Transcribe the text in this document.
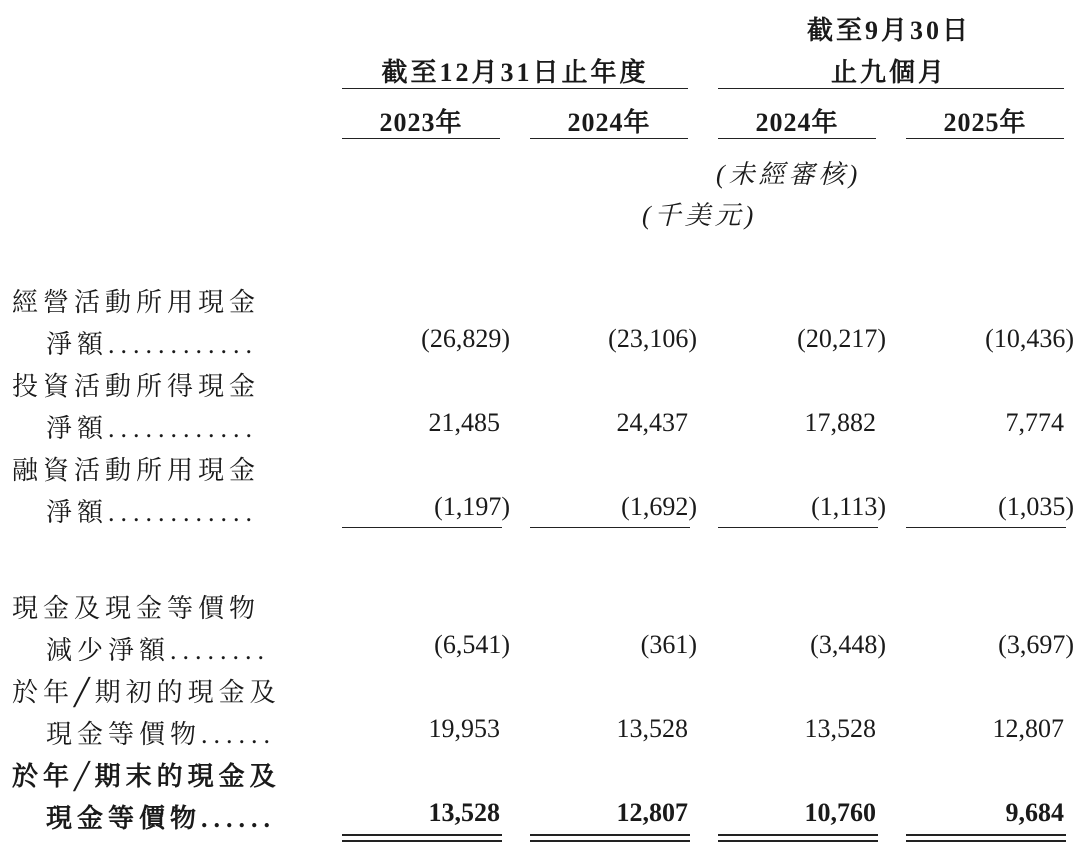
截至9月30日
截至12月31日止年度	止九個月
2023年	2024年	2024年	2025年
(未經審核)
(千美元)
經營活動所用現金
淨額............	(26,829)	(23,106)	(20,217)	(10,436)
投資活動所得現金
淨額............	21,485	24,437	17,882	7,774
融資活動所用現金
淨額............	(1,197)	(1,692)	(1,113)	(1,035)
現金及現金等價物
減少淨額........	(6,541)	(361)	(3,448)	(3,697)
於年╱期初的現金及
現金等價物......	19,953	13,528	13,528	12,807
於年╱期末的現金及
現金等價物......	13,528	12,807	10,760	9,684
